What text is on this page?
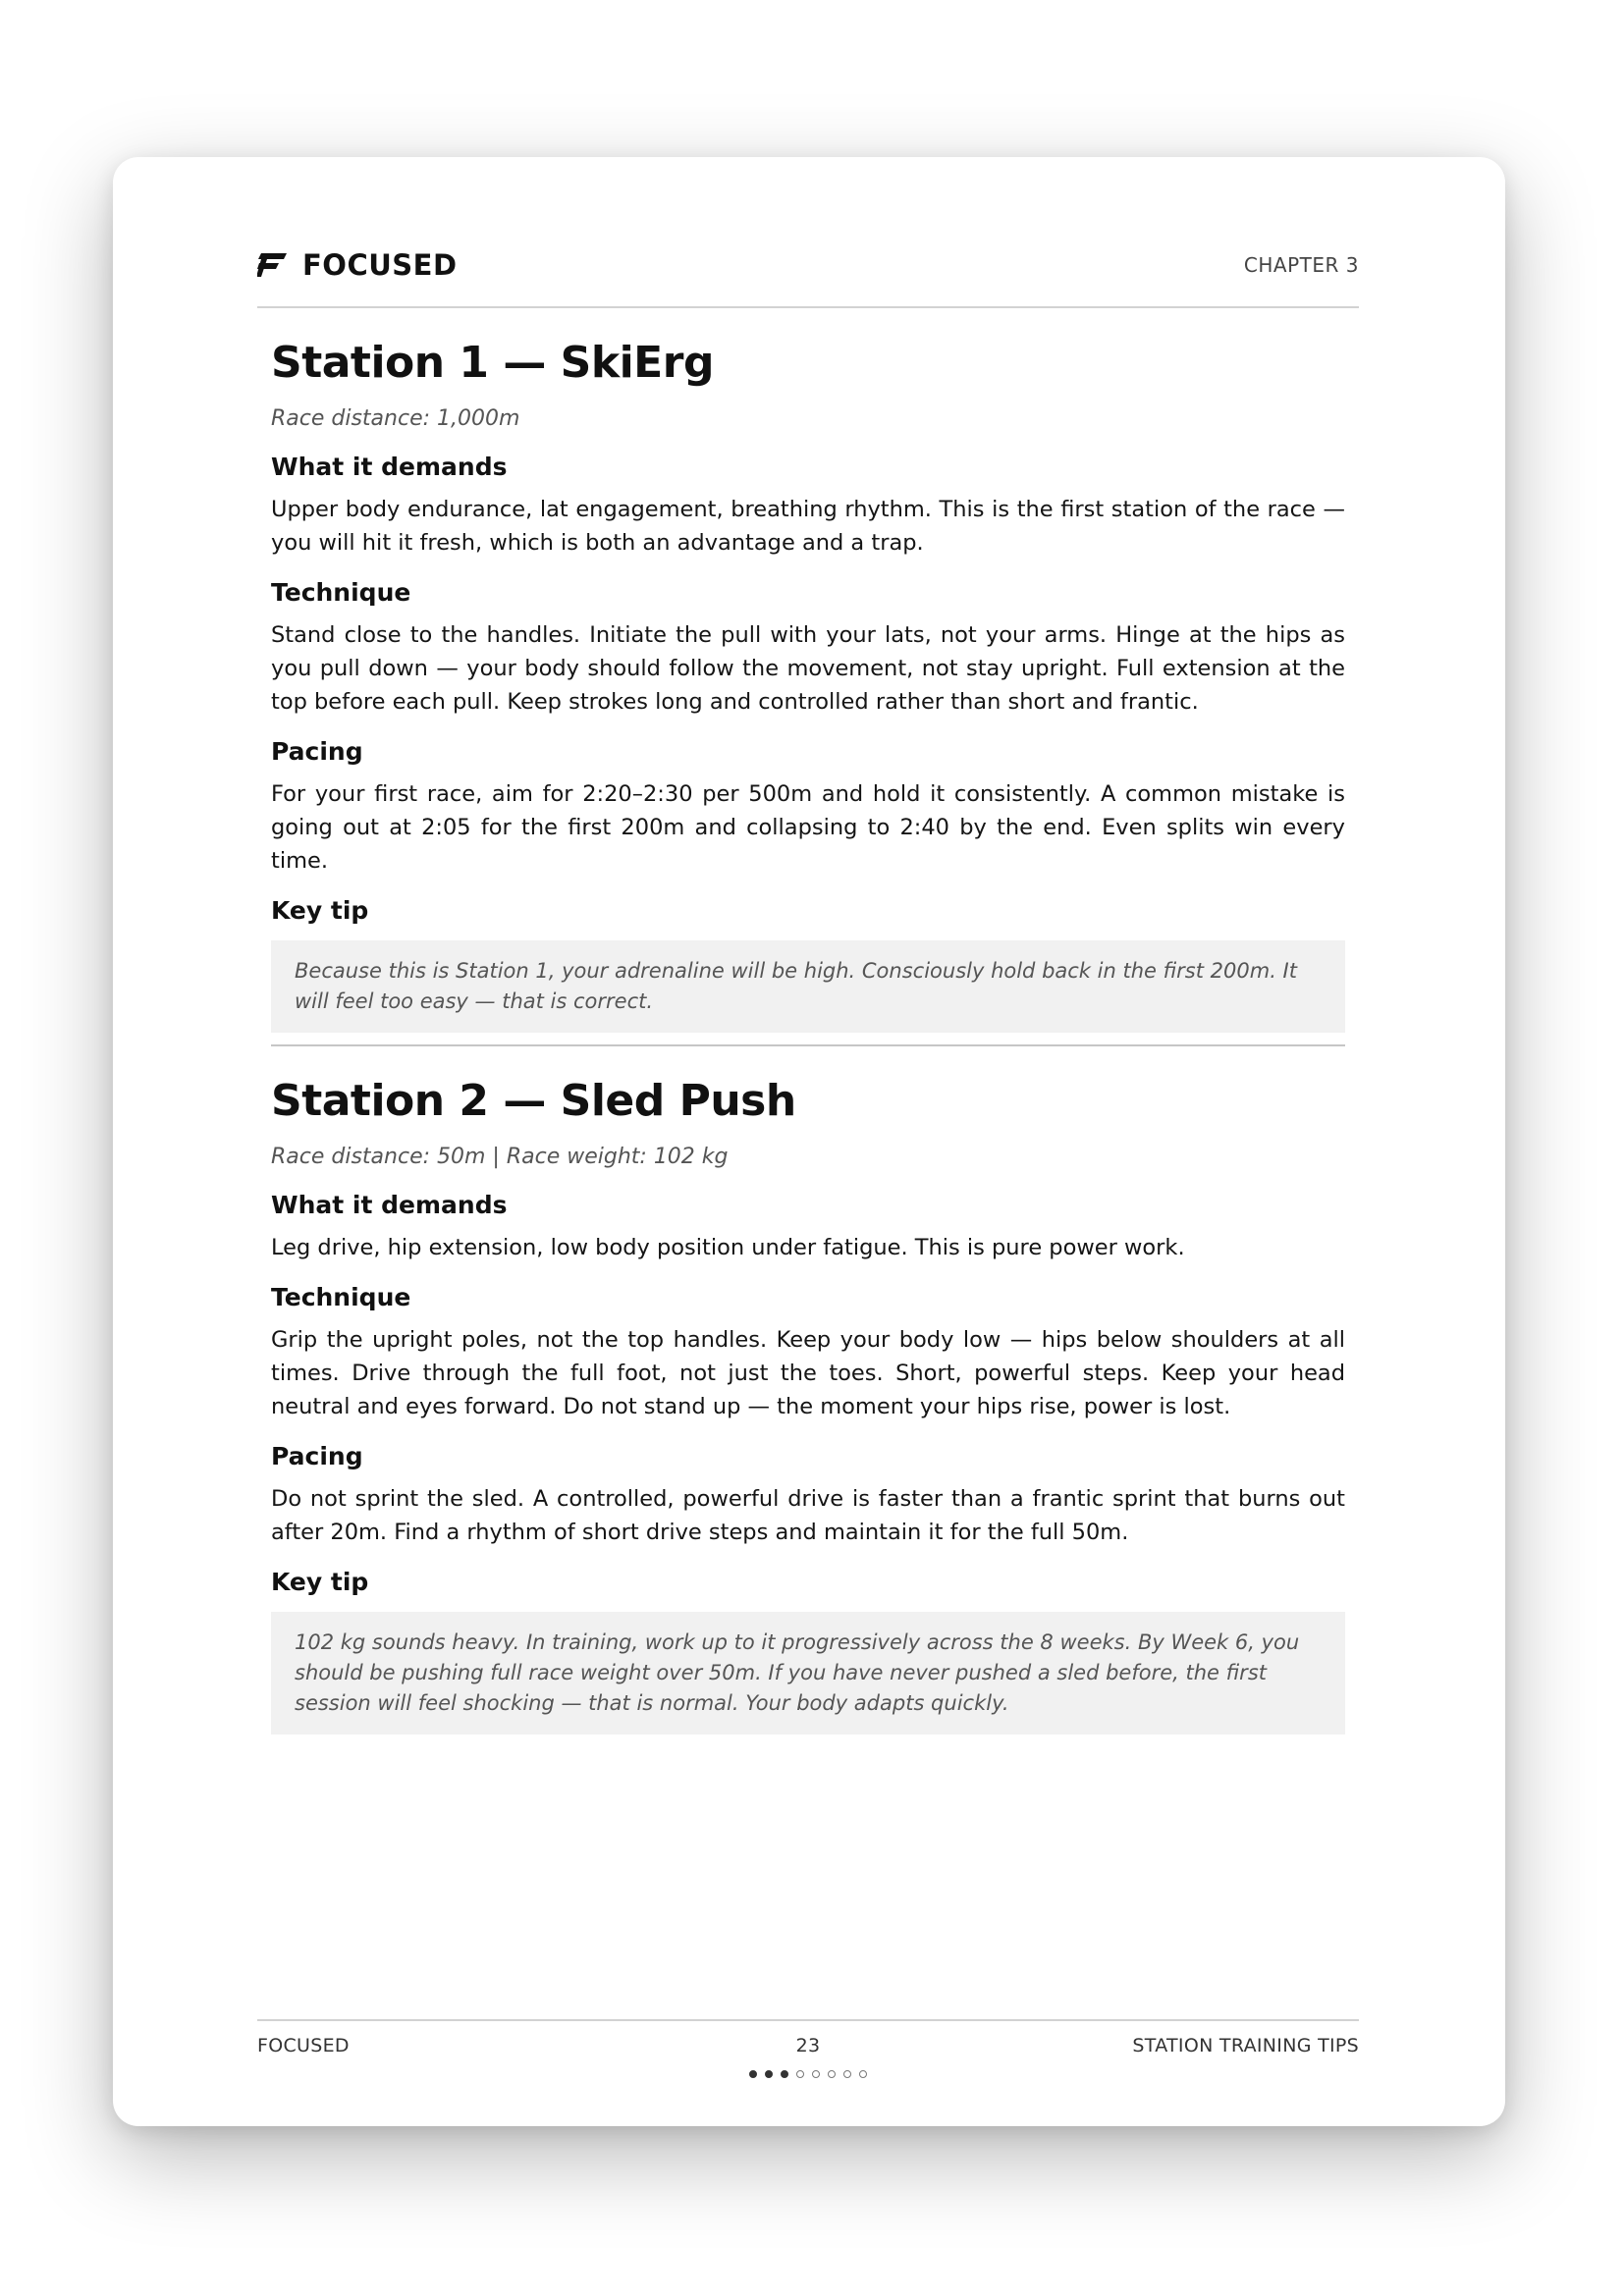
FOCUSED	CHAPTER 3
Station 1 — SkiErg
Race distance: 1,000m
What it demands

Upper body endurance, lat engagement, breathing rhythm. This is the first station of the race — you will hit it fresh, which is both an advantage and a trap.

Technique

Stand close to the handles. Initiate the pull with your lats, not your arms. Hinge at the hips as you pull down — your body should follow the movement, not stay upright. Full extension at the top before each pull. Keep strokes long and controlled rather than short and frantic.

Pacing

For your first race, aim for 2:20–2:30 per 500m and hold it consistently. A common mistake is going out at 2:05 for the first 200m and collapsing to 2:40 by the end. Even splits win every time.

Key tip
Because this is Station 1, your adrenaline will be high. Consciously hold back in the first 200m. It will feel too easy — that is correct.
Station 2 — Sled Push
Race distance: 50m | Race weight: 102 kg
What it demands

Leg drive, hip extension, low body position under fatigue. This is pure power work.

Technique

Grip the upright poles, not the top handles. Keep your body low — hips below shoulders at all times. Drive through the full foot, not just the toes. Short, powerful steps. Keep your head neutral and eyes forward. Do not stand up — the moment your hips rise, power is lost.

Pacing

Do not sprint the sled. A controlled, powerful drive is faster than a frantic sprint that burns out after 20m. Find a rhythm of short drive steps and maintain it for the full 50m.

Key tip
102 kg sounds heavy. In training, work up to it progressively across the 8 weeks. By Week 6, you should be pushing full race weight over 50m. If you have never pushed a sled before, the first session will feel shocking — that is normal. Your body adapts quickly.
FOCUSED	23	STATION TRAINING TIPS
